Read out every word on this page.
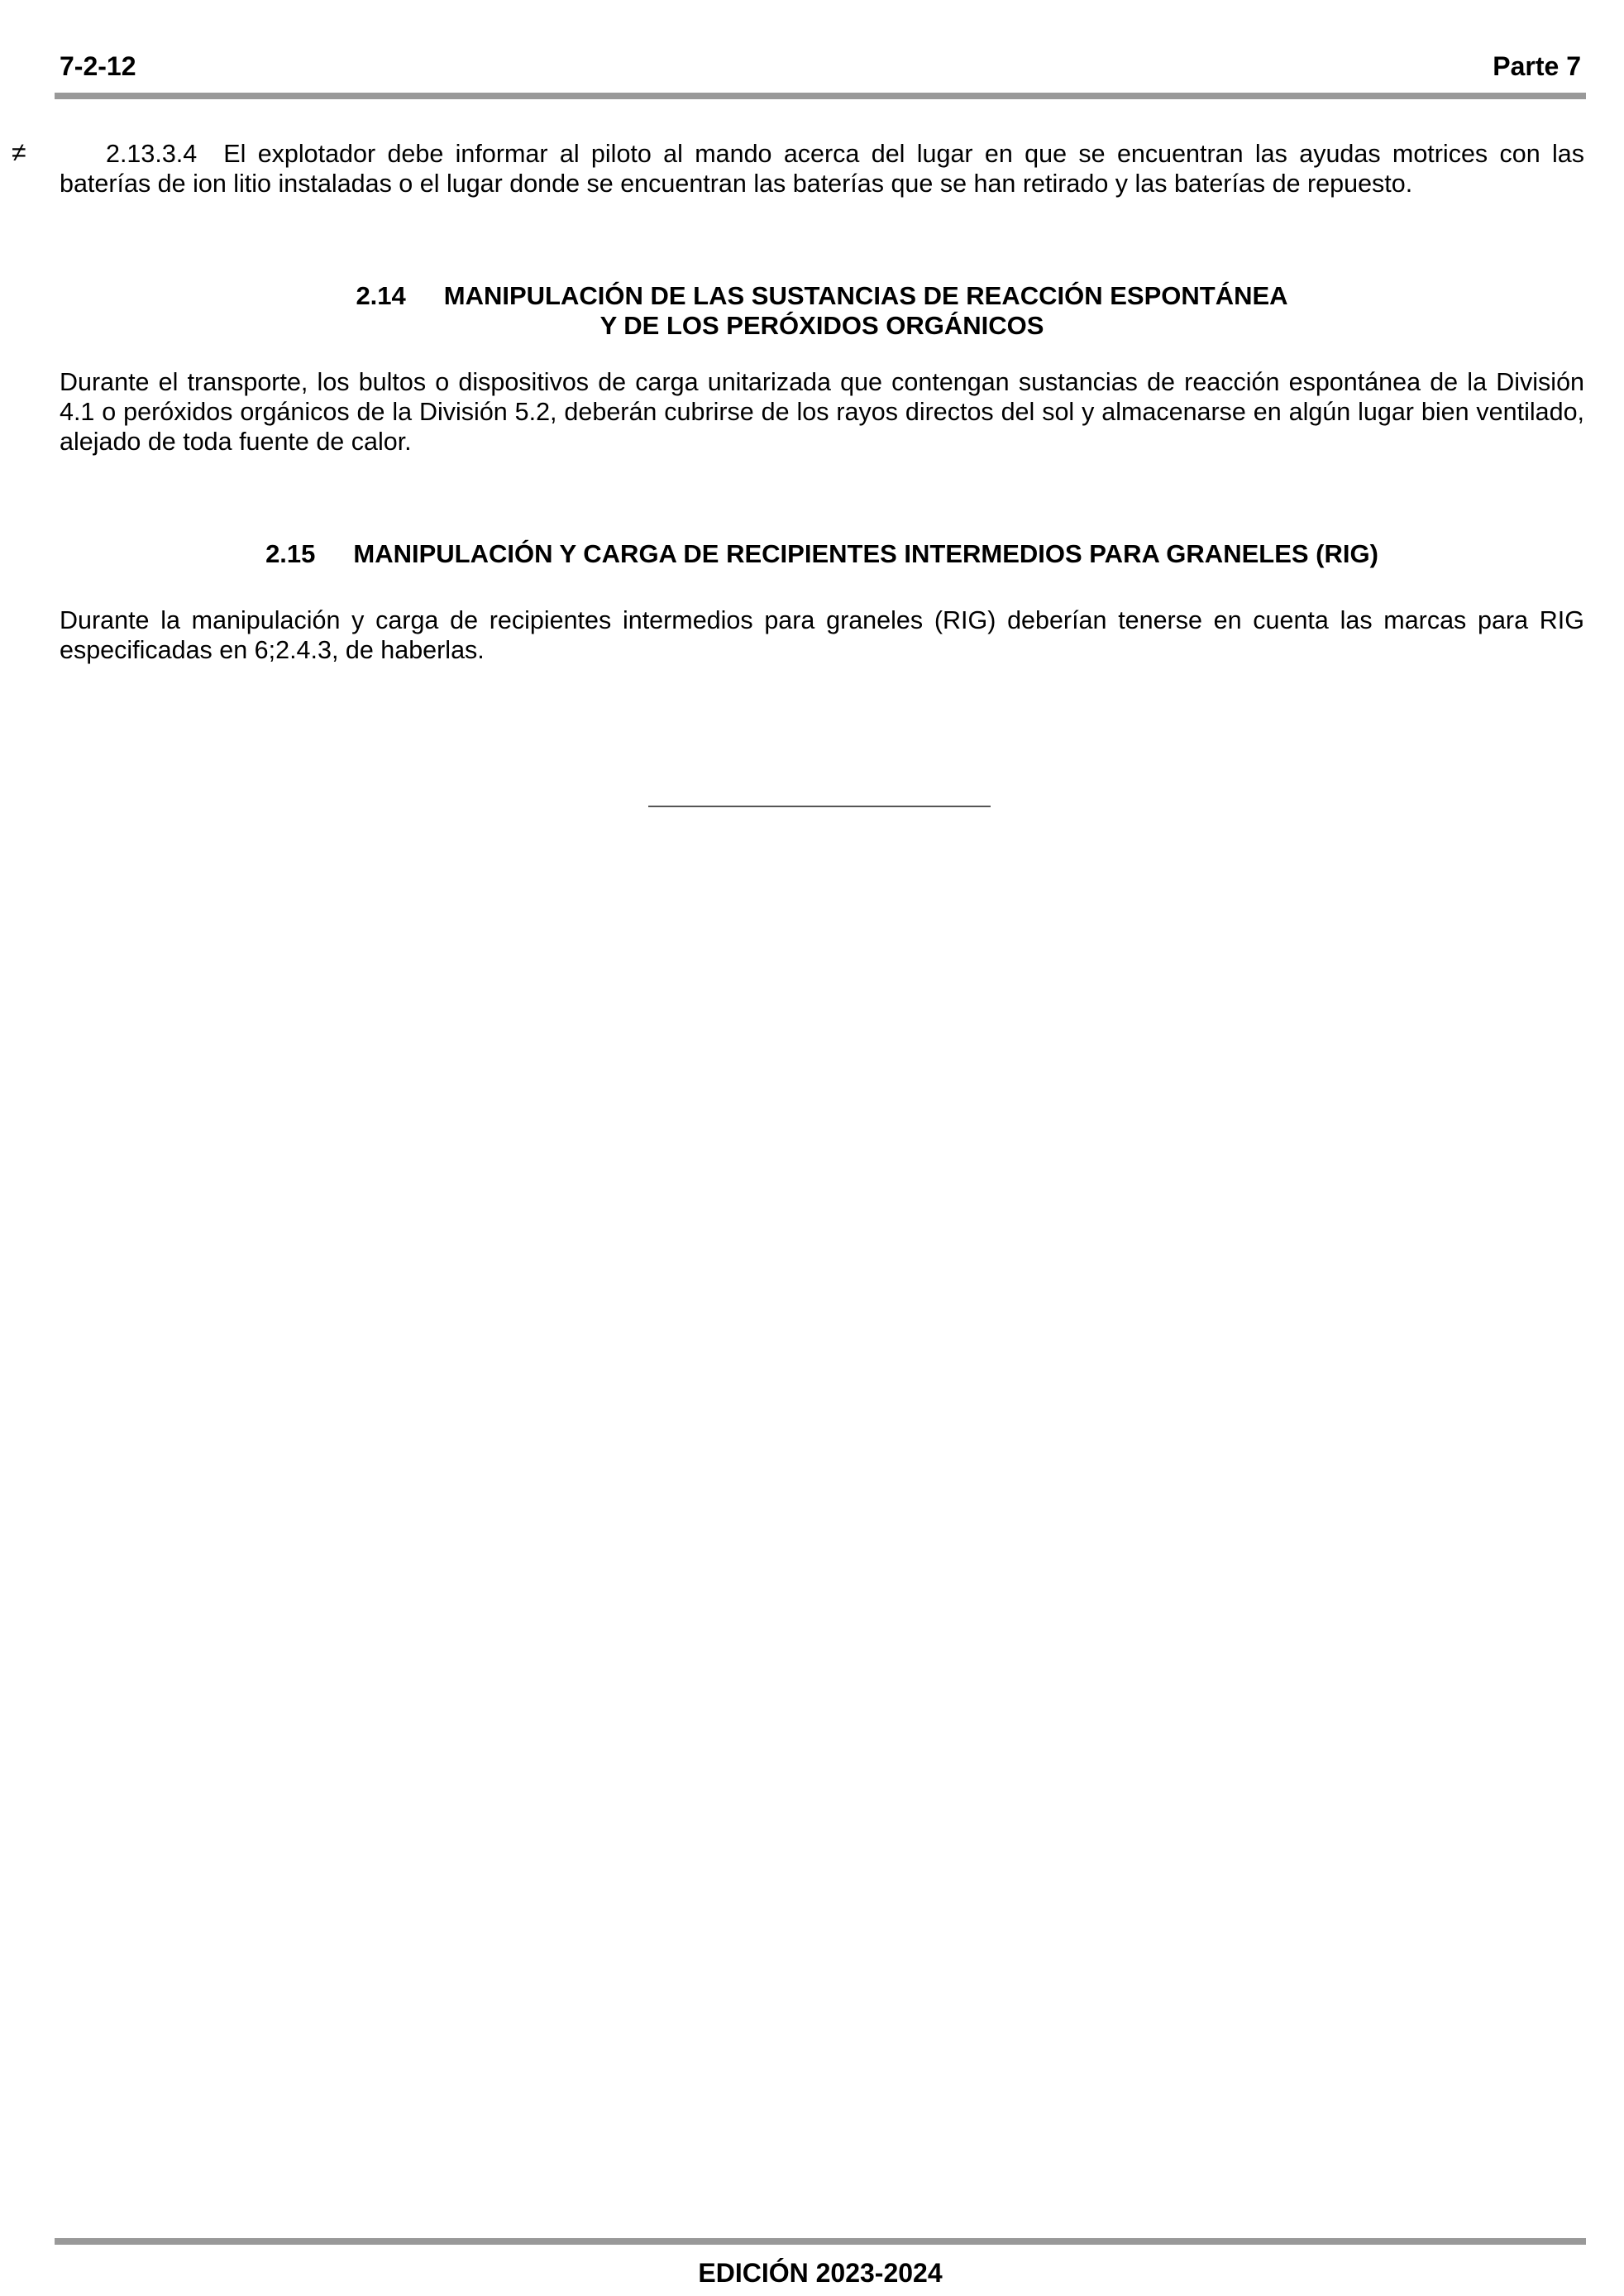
7-2-12	Parte 7
≠	2.13.3.4 El explotador debe informar al piloto al mando acerca del lugar en que se encuentran las ayudas motrices con las baterías de ion litio instaladas o el lugar donde se encuentran las baterías que se han retirado y las baterías de repuesto.

2.14 MANIPULACIÓN DE LAS SUSTANCIAS DE REACCIÓN ESPONTÁNEA
Y DE LOS PERÓXIDOS ORGÁNICOS

Durante el transporte, los bultos o dispositivos de carga unitarizada que contengan sustancias de reacción espontánea de la División 4.1 o peróxidos orgánicos de la División 5.2, deberán cubrirse de los rayos directos del sol y almacenarse en algún lugar bien ventilado, alejado de toda fuente de calor.

2.15 MANIPULACIÓN Y CARGA DE RECIPIENTES INTERMEDIOS PARA GRANELES (RIG)

Durante la manipulación y carga de recipientes intermedios para graneles (RIG) deberían tenerse en cuenta las marcas para RIG especificadas en 6;2.4.3, de haberlas.

EDICIÓN 2023-2024
